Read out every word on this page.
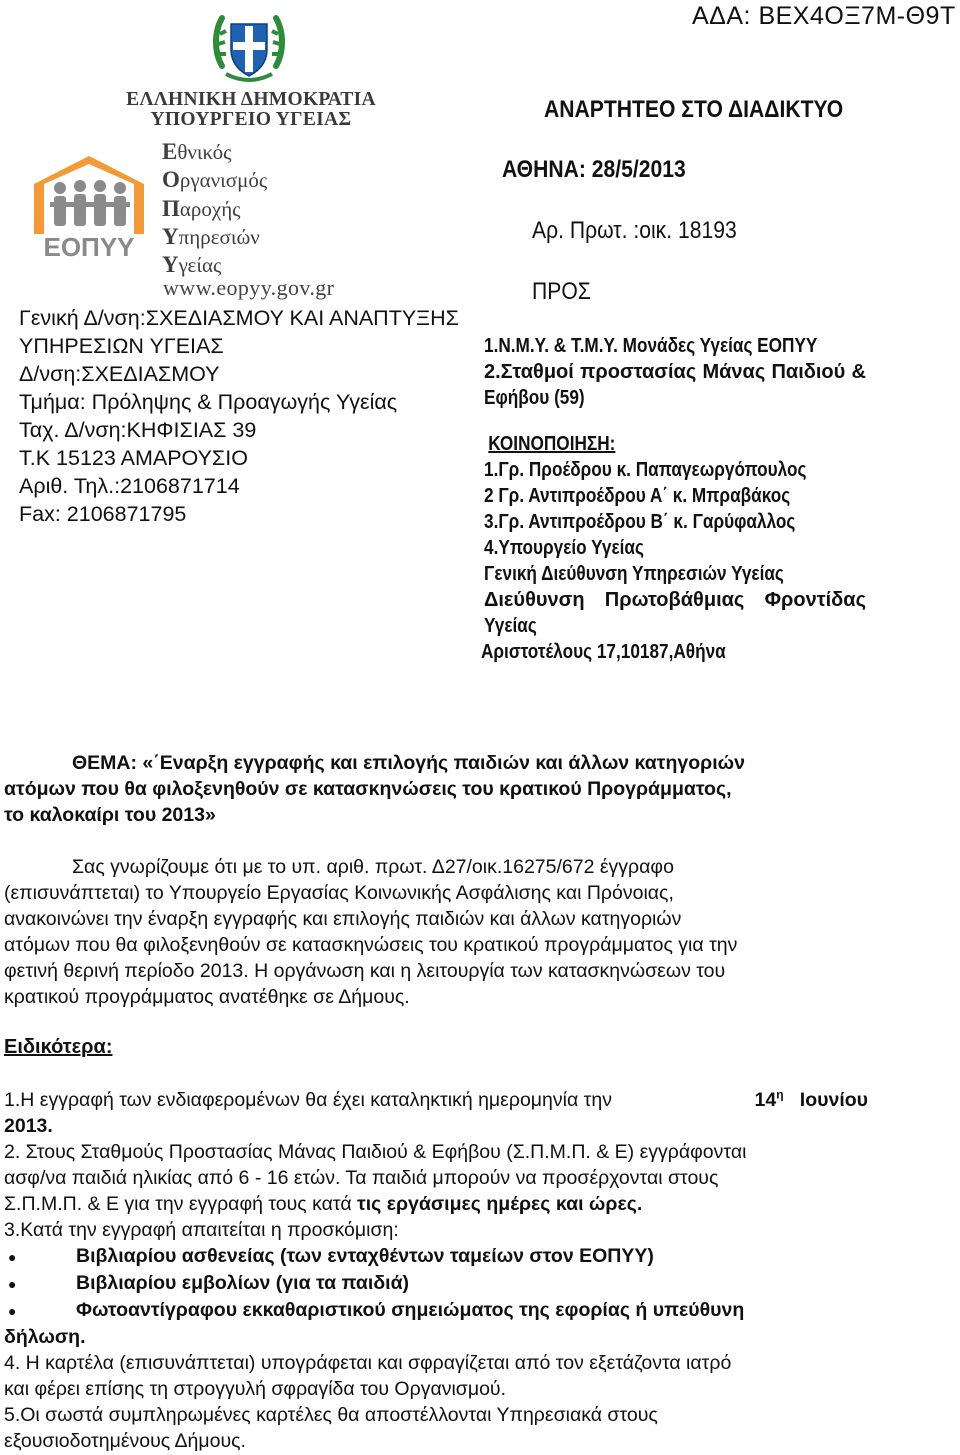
ΑΔΑ: ΒΕΧ4ΟΞ7Μ-Θ9Τ
ΕΛΛΗΝΙΚΗ ΔΗΜΟΚΡΑΤΙΑ
ΥΠΟΥΡΓΕΙΟ ΥΓΕΙΑΣ
ΕΟΠΥΥ
Εθνικός
Οργανισμός
Παροχής
Υπηρεσιών
Υγείας
www.eopyy.gov.gr
Γενική Δ/νση:ΣΧΕΔΙΑΣΜΟΥ ΚΑΙ ΑΝΑΠΤΥΞΗΣ
ΥΠΗΡΕΣΙΩΝ ΥΓΕΙΑΣ
Δ/νση:ΣΧΕΔΙΑΣΜΟΥ
Τμήμα: Πρόληψης & Προαγωγής Υγείας
Ταχ. Δ/νση:ΚΗΦΙΣΙΑΣ 39
Τ.Κ 15123 ΑΜΑΡΟΥΣΙΟ
Αριθ. Τηλ.:2106871714
Fax: 2106871795
ΑΝΑΡΤΗΤΕΟ ΣΤΟ ΔΙΑΔΙΚΤΥΟ
ΑΘΗΝΑ: 28/5/2013
Αρ. Πρωτ. :οικ. 18193
ΠΡΟΣ
1.Ν.Μ.Υ. & Τ.Μ.Υ. Μονάδες Υγείας ΕΟΠΥΥ
2.Σταθμοί προστασίας Μάνας Παιδιού &
Εφήβου (59)
ΚΟΙΝΟΠΟΙΗΣΗ:
1.Γρ. Προέδρου κ. Παπαγεωργόπουλος
2 Γρ. Αντιπροέδρου Α΄ κ. Μπραβάκος
3.Γρ. Αντιπροέδρου Β΄ κ. Γαρύφαλλος
4.Υπουργείο Υγείας
Γενική Διεύθυνση Υπηρεσιών Υγείας
Διεύθυνση Πρωτοβάθμιας Φροντίδας
Υγείας
Αριστοτέλους 17,10187,Αθήνα
ΘΕΜΑ: «΄Εναρξη εγγραφής και επιλογής παιδιών και άλλων κατηγοριών
ατόμων που θα φιλοξενηθούν σε κατασκηνώσεις του κρατικού Προγράμματος,
το καλοκαίρι του 2013»
Σας γνωρίζουμε ότι με το υπ. αριθ. πρωτ. Δ27/οικ.16275/672 έγγραφο
(επισυνάπτεται) το Υπουργείο Εργασίας Κοινωνικής Ασφάλισης και Πρόνοιας,
ανακοινώνει την έναρξη εγγραφής και επιλογής παιδιών και άλλων κατηγοριών
ατόμων που θα φιλοξενηθούν σε κατασκηνώσεις του κρατικού προγράμματος για την
φετινή θερινή περίοδο 2013. Η οργάνωση και η λειτουργία των κατασκηνώσεων του
κρατικού προγράμματος ανατέθηκε σε Δήμους.
Ειδικότερα:
1.Η εγγραφή των ενδιαφερομένων θα έχει καταληκτική ημερομηνία την	$14^\eta$ Ιουνίου
2013.
2. Στους Σταθμούς Προστασίας Μάνας Παιδιού & Εφήβου (Σ.Π.Μ.Π. & Ε) εγγράφονται
ασφ/να παιδιά ηλικίας από 6 - 16 ετών. Τα παιδιά μπορούν να προσέρχονται στους
Σ.Π.Μ.Π. & Ε για την εγγραφή τους κατά τις εργάσιμες ημέρες και ώρες.
3.Κατά την εγγραφή απαιτείται η προσκόμιση:
●	Βιβλιαρίου ασθενείας (των ενταχθέντων ταμείων στον ΕΟΠΥΥ)
●	Βιβλιαρίου εμβολίων (για τα παιδιά)
●	Φωτοαντίγραφου εκκαθαριστικού σημειώματος της εφορίας ή υπεύθυνη
δήλωση.
4. Η καρτέλα (επισυνάπτεται) υπογράφεται και σφραγίζεται από τον εξετάζοντα ιατρό
και φέρει επίσης τη στρογγυλή σφραγίδα του Οργανισμού.
5.Οι σωστά συμπληρωμένες καρτέλες θα αποστέλλονται Υπηρεσιακά στους
εξουσιοδοτημένους Δήμους.
